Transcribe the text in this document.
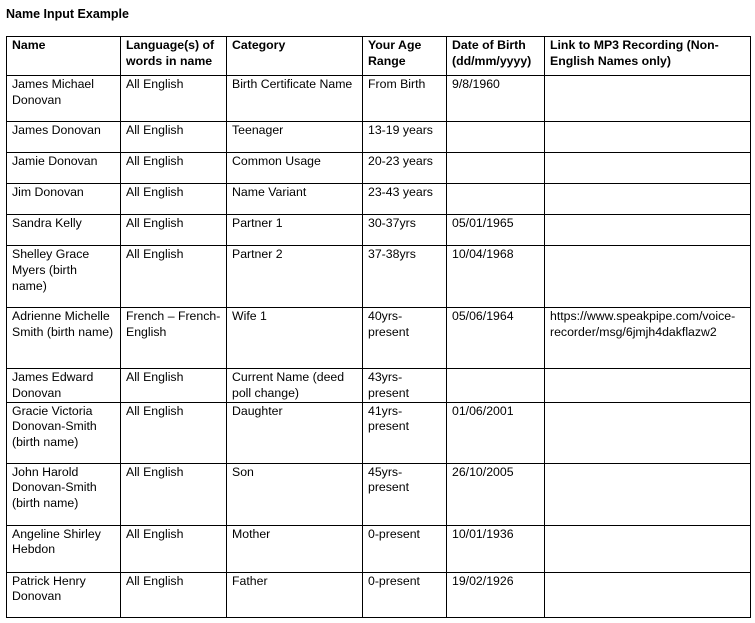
Name Input Example
Name	Language(s) of words in name	Category	Your Age Range	Date of Birth (dd/mm/yyyy)	Link to MP3 Recording (Non-English Names only)
James Michael Donovan	All English	Birth Certificate Name	From Birth	9/8/1960	
James Donovan	All English	Teenager	13-19 years		
Jamie Donovan	All English	Common Usage	20-23 years		
Jim Donovan	All English	Name Variant	23-43 years		
Sandra Kelly	All English	Partner 1	30-37yrs	05/01/1965	
Shelley Grace Myers (birth name)	All English	Partner 2	37-38yrs	10/04/1968	
Adrienne Michelle Smith (birth name)	French – French- English	Wife 1	40yrs-present	05/06/1964	https://www.speakpipe.com/voice-recorder/msg/6jmjh4dakflazw2
James Edward Donovan	All English	Current Name (deed poll change)	43yrs-present		
Gracie Victoria Donovan-Smith (birth name)	All English	Daughter	41yrs-present	01/06/2001	
John Harold Donovan-Smith (birth name)	All English	Son	45yrs-present	26/10/2005	
Angeline Shirley Hebdon	All English	Mother	0-present	10/01/1936	
Patrick Henry Donovan	All English	Father	0-present	19/02/1926	
